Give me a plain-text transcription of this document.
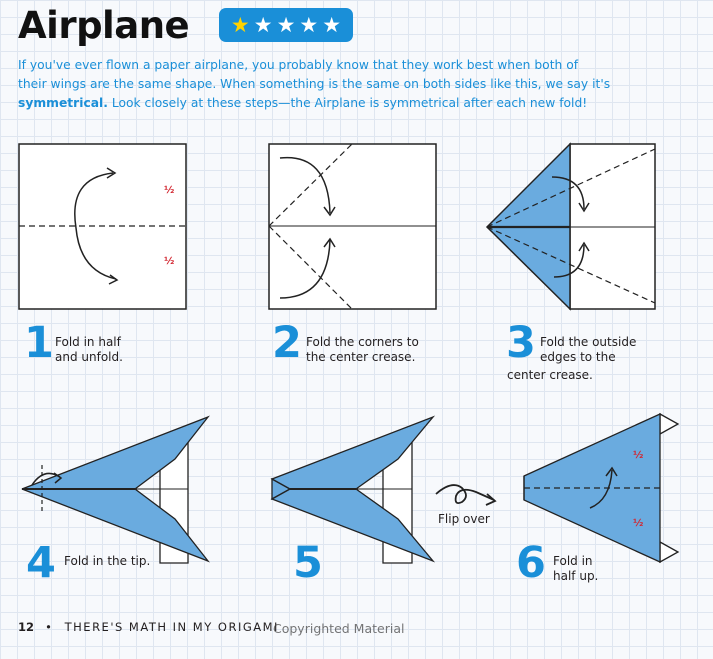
Airplane ★ ★ ★ ★ ★
If you've ever flown a paper airplane, you probably know that they work best when both of
their wings are the same shape. When something is the same on both sides like this, we say it's
symmetrical. Look closely at these steps—the Airplane is symmetrical after each new fold!
½
½
Flip over
½
½
1 Fold in half
and unfold.	2 Fold the corners to
the center crease. 3 Fold the outside
edges to the
center crease.
4 Fold in the tip.	5	6 Fold in
half up.
12 • THERE'S MATH IN MY ORIGAMI
Copyrighted Material
